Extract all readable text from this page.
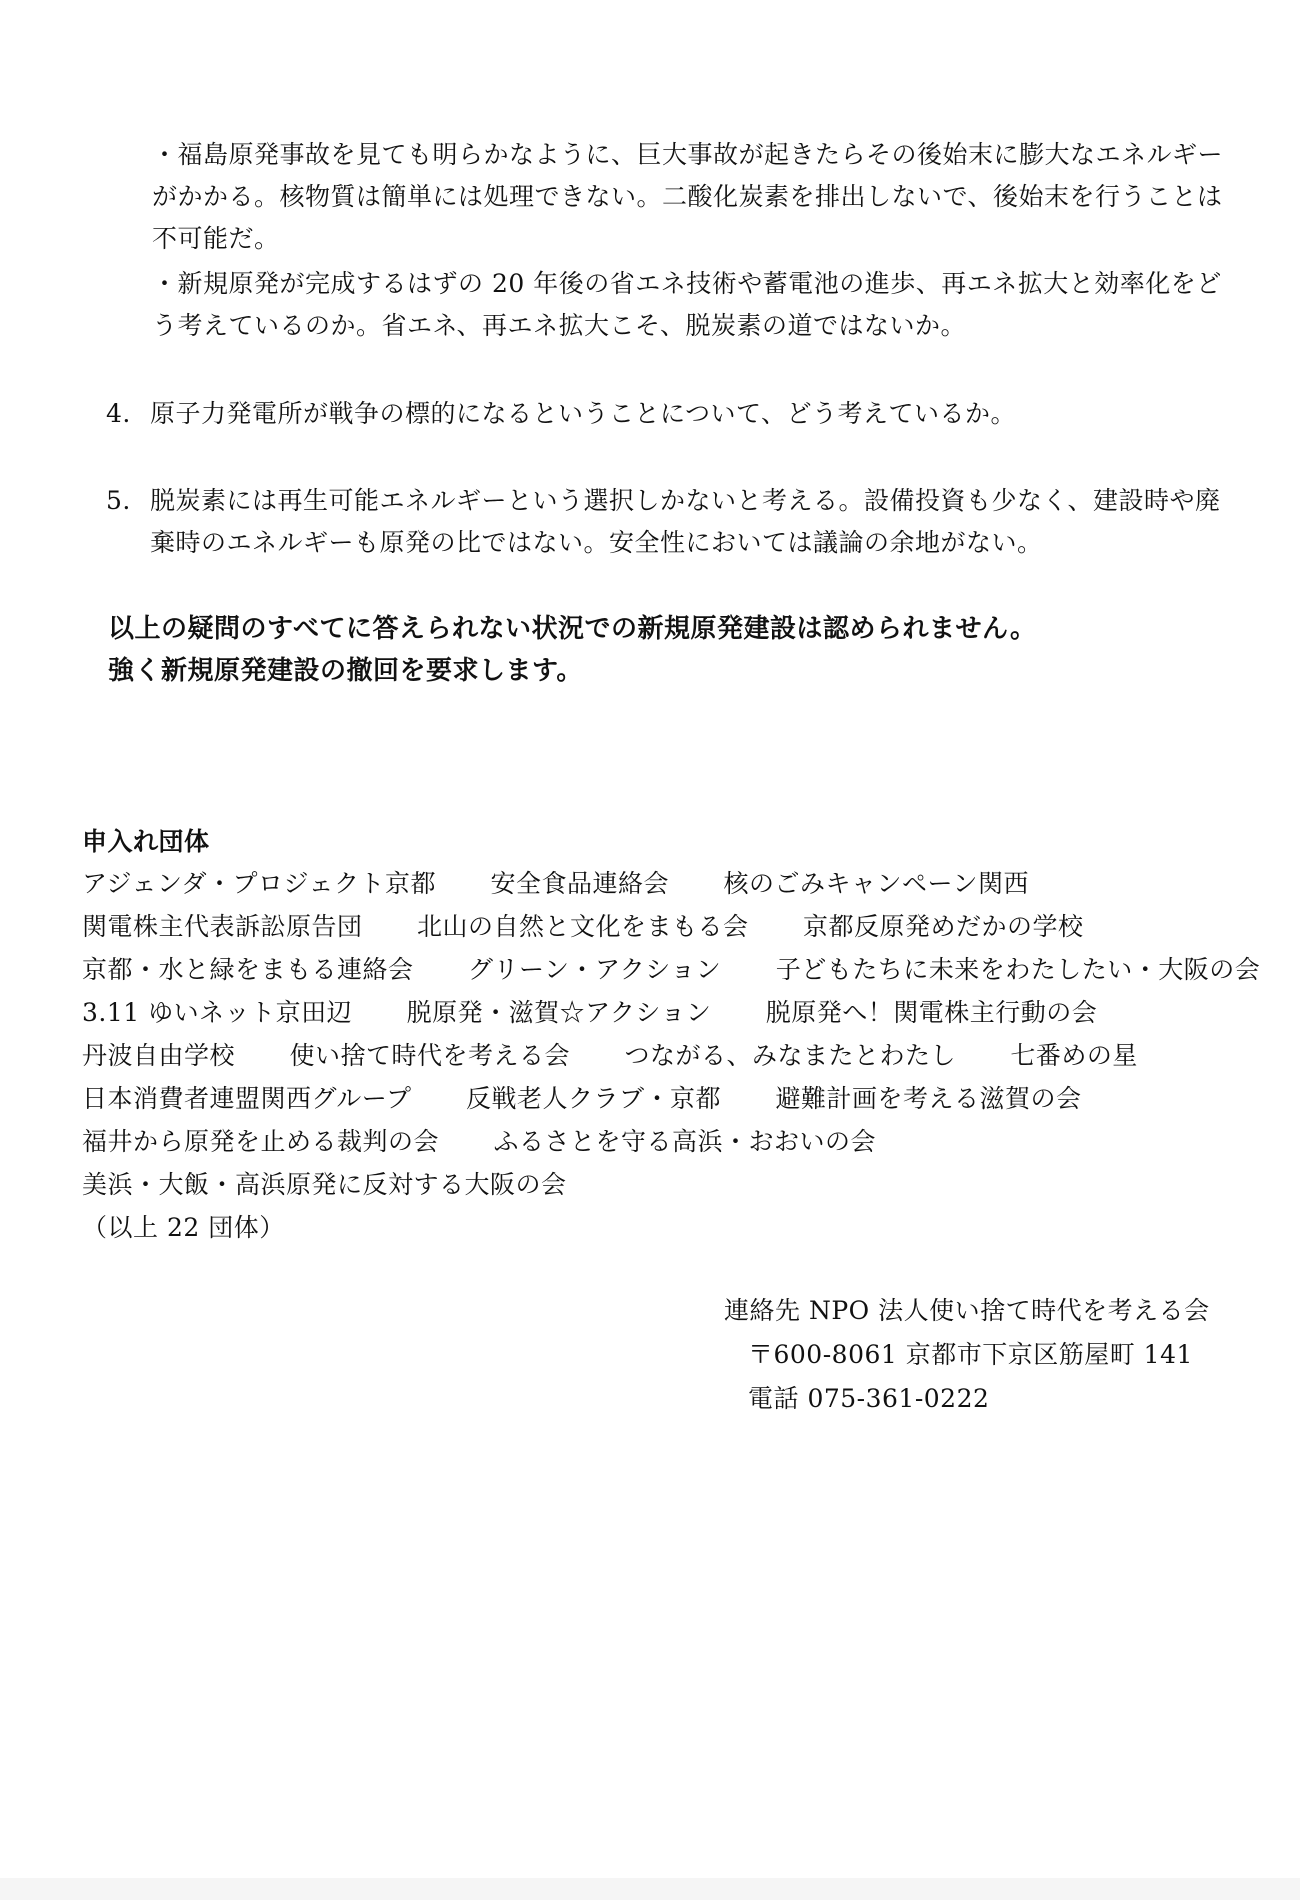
・福島原発事故を見ても明らかなように、巨大事故が起きたらその後始末に膨大なエネルギー
がかかる。核物質は簡単には処理できない。二酸化炭素を排出しないで、後始末を行うことは
不可能だ。
・新規原発が完成するはずの 20 年後の省エネ技術や蓄電池の進歩、再エネ拡大と効率化をど
う考えているのか。省エネ、再エネ拡大こそ、脱炭素の道ではないか。
4. 原子力発電所が戦争の標的になるということについて、どう考えているか。
5. 脱炭素には再生可能エネルギーという選択しかないと考える。設備投資も少なく、建設時や廃
棄時のエネルギーも原発の比ではない。安全性においては議論の余地がない。
以上の疑問のすべてに答えられない状況での新規原発建設は認められません。
強く新規原発建設の撤回を要求します。
申入れ団体
アジェンダ・プロジェクト京都 安全食品連絡会 核のごみキャンペーン関西
関電株主代表訴訟原告団 北山の自然と文化をまもる会 京都反原発めだかの学校
京都・水と緑をまもる連絡会 グリーン・アクション 子どもたちに未来をわたしたい・大阪の会
3.11 ゆいネット京田辺 脱原発・滋賀☆アクション 脱原発へ！関電株主行動の会
丹波自由学校 使い捨て時代を考える会 つながる、みなまたとわたし 七番めの星
日本消費者連盟関西グループ 反戦老人クラブ・京都 避難計画を考える滋賀の会
福井から原発を止める裁判の会 ふるさとを守る高浜・おおいの会
美浜・大飯・高浜原発に反対する大阪の会
（以上 22 団体）
連絡先 NPO 法人使い捨て時代を考える会
〒600-8061 京都市下京区筋屋町 141
電話 075-361-0222
